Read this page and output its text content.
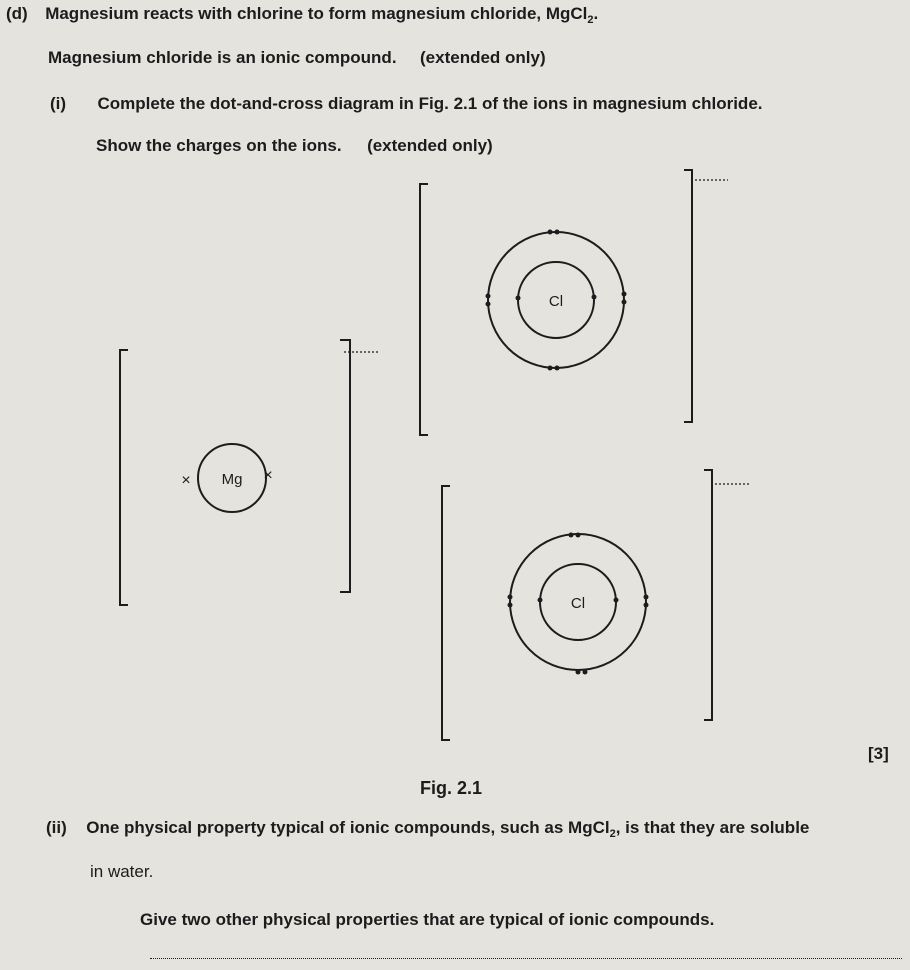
(d) Magnesium reacts with chlorine to form magnesium chloride, MgCl$_2$.
Magnesium chloride is an ionic compound. (extended only)
(i) Complete the dot-and-cross diagram in Fig. 2.1 of the ions in magnesium chloride.
Show the charges on the ions. (extended only)
Mg
×	×
Cl
Cl
[3]
Fig. 2.1
(ii) One physical property typical of ionic compounds, such as MgCl$_2$, is that they are soluble
in water.
Give two other physical properties that are typical of ionic compounds.
